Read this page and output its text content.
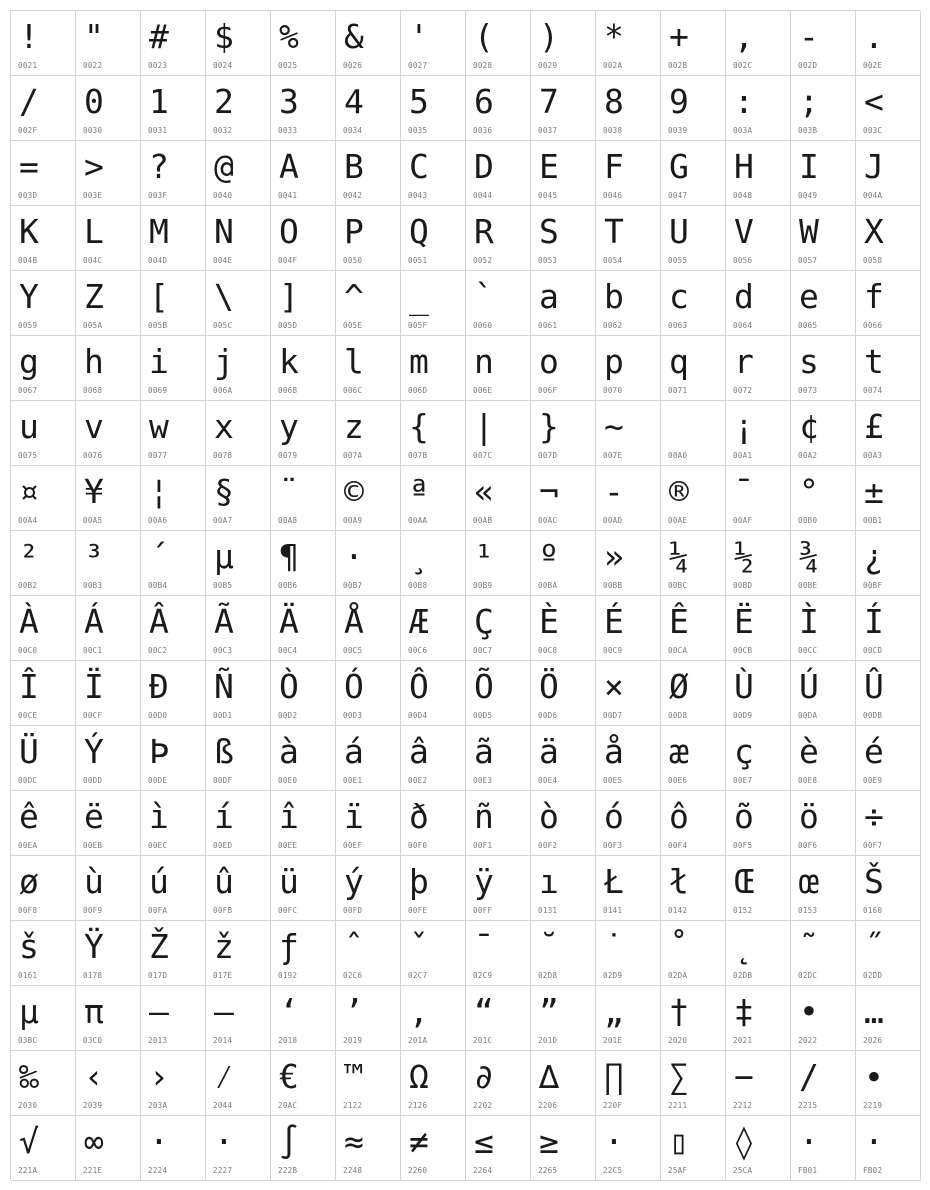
!
0021
"
0022
#
0023
$
0024
%
0025
&
0026
'
0027
(
0028
)
0029
*
002A
+
002B
,
002C
-
002D
.
002E
/
002F
0
0030
1
0031
2
0032
3
0033
4
0034
5
0035
6
0036
7
0037
8
0038
9
0039
:
003A
;
003B
<
003C
=
003D
>
003E
?
003F
@
0040
A
0041
B
0042
C
0043
D
0044
E
0045
F
0046
G
0047
H
0048
I
0049
J
004A
K
004B
L
004C
M
004D
N
004E
O
004F
P
0050
Q
0051
R
0052
S
0053
T
0054
U
0055
V
0056
W
0057
X
0058
Y
0059
Z
005A
[
005B
\
005C
]
005D
^
005E
_
005F
`
0060
a
0061
b
0062
c
0063
d
0064
e
0065
f
0066
g
0067
h
0068
i
0069
j
006A
k
006B
l
006C
m
006D
n
006E
o
006F
p
0070
q
0071
r
0072
s
0073
t
0074
u
0075
v
0076
w
0077
x
0078
y
0079
z
007A
{
007B
|
007C
}
007D
~
007E
	00A0
¡
00A1
¢
00A2
£
00A3
¤
00A4
¥
00A5
¦
00A6
§
00A7
¨
00A8
©
00A9
ª
00AA
«
00AB
¬
00AC
-
00AD
®
00AE
¯
00AF
°
00B0
±
00B1
²
00B2
³
00B3
´
00B4
µ
00B5
¶
00B6
·
00B7
¸
00B8
¹
00B9
º
00BA
»
00BB
¼
00BC
½
00BD
¾
00BE
¿
00BF
À
00C0
Á
00C1
Â
00C2
Ã
00C3
Ä
00C4
Å
00C5
Æ
00C6
Ç
00C7
È
00C8
É
00C9
Ê
00CA
Ë
00CB
Ì
00CC
Í
00CD
Î
00CE
Ï
00CF
Ð
00D0
Ñ
00D1
Ò
00D2
Ó
00D3
Ô
00D4
Õ
00D5
Ö
00D6
×
00D7
Ø
00D8
Ù
00D9
Ú
00DA
Û
00DB
Ü
00DC
Ý
00DD
Þ
00DE
ß
00DF
à
00E0
á
00E1
â
00E2
ã
00E3
ä
00E4
å
00E5
æ
00E6
ç
00E7
è
00E8
é
00E9
ê
00EA
ë
00EB
ì
00EC
í
00ED
î
00EE
ï
00EF
ð
00F0
ñ
00F1
ò
00F2
ó
00F3
ô
00F4
õ
00F5
ö
00F6
÷
00F7
ø
00F8
ù
00F9
ú
00FA
û
00FB
ü
00FC
ý
00FD
þ
00FE
ÿ
00FF
ı
0131
Ł
0141
ł
0142
Œ
0152
œ
0153
Š
0160
š
0161
Ÿ
0178
Ž
017D
ž
017E
ƒ
0192
ˆ
02C6
ˇ
02C7
ˉ
02C9
˘
02D8
˙
02D9
˚
02DA
˛
02DB
˜
02DC
˝
02DD
μ
03BC
π
03C0
–
2013
—
2014
‘
2018
’
2019
‚
201A
“
201C
”
201D
„
201E
†
2020
‡
2021
•
2022
…
2026
‰
2030
‹
2039
›
203A
⁄
2044
€
20AC
™
2122
Ω
2126
∂
2202
∆
2206
∏
220F
∑
2211
−
2212
∕
2215
∙
2219
√
221A
∞
221E
·
2224
·
2227
∫
222B
≈
2248
≠
2260
≤
2264
≥
2265
·
22C5
▯
25AF
◊
25CA
·
FB01
·
FB02
